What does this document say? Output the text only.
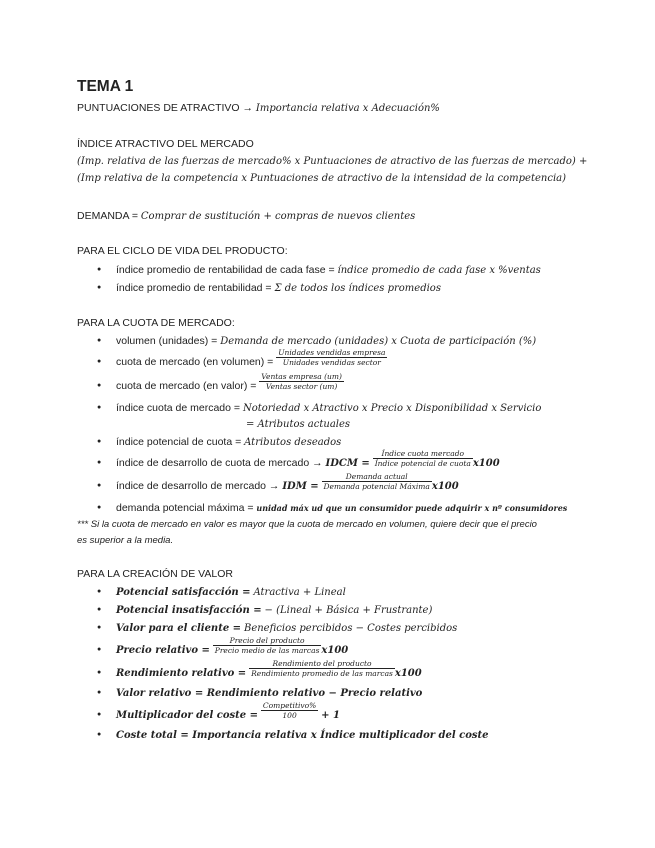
TEMA 1
PUNTUACIONES DE ATRACTIVO → Importancia relativa x Adecuación%
ÍNDICE ATRACTIVO DEL MERCADO
(Imp. relativa de las fuerzas de mercado% x Puntuaciones de atractivo de las fuerzas de mercado) +
(Imp relativa de la competencia x Puntuaciones de atractivo de la intensidad de la competencia)
DEMANDA = Comprar de sustitución + compras de nuevos clientes
PARA EL CICLO DE VIDA DEL PRODUCTO:
índice promedio de rentabilidad de cada fase = índice promedio de cada fase x %ventas
índice promedio de rentabilidad = Σ de todos los índices promedios
PARA LA CUOTA DE MERCADO:
volumen (unidades) = Demanda de mercado (unidades) x Cuota de participación (%)
cuota de mercado (en volumen) = $\frac{\text{Unidades vendidas empresa}}{\text{Unidades vendidas sector}}$
cuota de mercado (en valor) = $\frac{\text{Ventas empresa (um)}}{\text{Ventas sector (um)}}$
índice cuota de mercado = Notoriedad x Atractivo x Precio x Disponibilidad x Servicio
= Atributos actuales
índice potencial de cuota = Atributos deseados
índice de desarrollo de cuota de mercado → IDCM = $\frac{\text{Índice cuota mercado}}{\text{Índice potencial de cuota}} x100$
índice de desarrollo de mercado → IDM = $\frac{\text{Demanda actual}}{\text{Demanda potencial Máxima}} x100$
demanda potencial máxima = unidad máx ud que un consumidor puede adquirir x nº consumidores
*** Si la cuota de mercado en valor es mayor que la cuota de mercado en volumen, quiere decir que el precio
es superior a la media.
PARA LA CREACIÓN DE VALOR
Potencial satisfacción = Atractiva + Lineal
Potencial insatisfacción = − (Lineal + Básica + Frustrante)
Valor para el cliente = Beneficios percibidos − Costes percibidos
Precio relativo = $\frac{\text{Precio del producto}}{\text{Precio medio de las marcas}} x100$
Rendimiento relativo = $\frac{\text{Rendimiento del producto}}{\text{Rendimiento promedio de las marcas}} x100$
Valor relativo = Rendimiento relativo − Precio relativo
Multiplicador del coste = $\frac{\text{Competitivo\%}}{100} + 1$
Coste total = Importancia relativa x Índice multiplicador del coste
